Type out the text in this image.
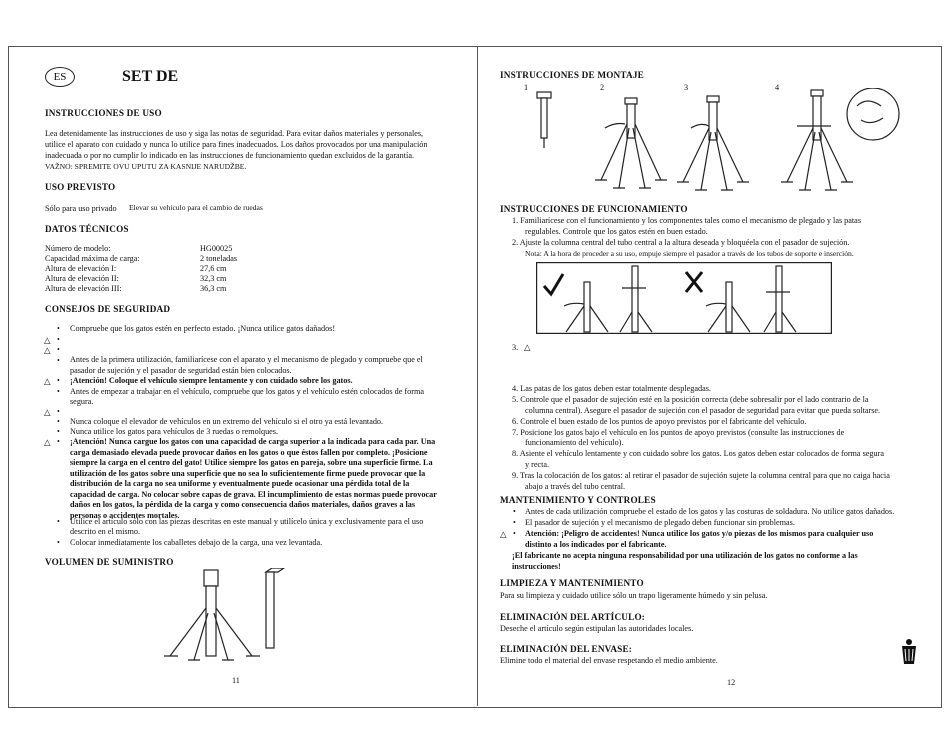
ES	SET DE
INSTRUCCIONES DE USO
Lea detenidamente las instrucciones de uso y siga las notas de seguridad. Para evitar daños materiales y personales,
utilice el aparato con cuidado y nunca lo utilice para fines inadecuados. Los daños provocados por una manipulación
inadecuada o por no cumplir lo indicado en las instrucciones de funcionamiento quedan excluidos de la garantía.
VAŽNO: SPREMITE OVU UPUTU ZA KASNIJE NARUDŽBE.
USO PREVISTO
Sólo para uso privado Elevar su vehículo para el cambio de ruedas
DATOS TÉCNICOS
Número de modelo:	HG00025
Capacidad máxima de carga:	2 toneladas
Altura de elevación I:	27,6 cm
Altura de elevación II:	32,3 cm
Altura de elevación III:	36,3 cm
CONSEJOS DE SEGURIDAD
• Compruebe que los gatos estén en perfecto estado. ¡Nunca utilice gatos dañados!
△ •
△ •
• Antes de la primera utilización, familiarícese con el aparato y el mecanismo de plegado y compruebe que el
pasador de sujeción y el pasador de seguridad están bien colocados.
△ • ¡Atención! Coloque el vehículo siempre lentamente y con cuidado sobre los gatos.
• Antes de empezar a trabajar en el vehículo, compruebe que los gatos y el vehículo estén colocados de forma
segura.
△ •
• Nunca coloque el elevador de vehículos en un extremo del vehículo si el otro ya está levantado.
• Nunca utilice los gatos para vehículos de 3 ruedas o remolques.
△ • ¡Atención! Nunca cargue los gatos con una capacidad de carga superior a la indicada para cada par. Una
carga demasiado elevada puede provocar daños en los gatos o que éstos fallen por completo. ¡Posicione
siempre la carga en el centro del gato! Utilice siempre los gatos en pareja, sobre una superficie firme. La
utilización de los gatos sobre una superficie que no sea lo suficientemente firme puede provocar que la
distribución de la carga no sea uniforme y eventualmente puede ocasionar una pérdida total de la
capacidad de carga. No colocar sobre capas de grava. El incumplimiento de estas normas puede provocar
daños en los gatos, la pérdida de la carga y como consecuencia daños materiales, daños graves a las
personas o accidentes mortales.
• Utilice el artículo sólo con las piezas descritas en este manual y utilícelo única y exclusivamente para el uso
descrito en el mismo.
• Colocar inmediatamente los caballetes debajo de la carga, una vez levantada.
VOLUMEN DE SUMINISTRO
11
INSTRUCCIONES DE MONTAJE
1	2	3	4
INSTRUCCIONES DE FUNCIONAMIENTO
1. Familiarícese con el funcionamiento y los componentes tales como el mecanismo de plegado y las patas
regulables. Controle que los gatos estén en buen estado.
2. Ajuste la columna central del tubo central a la altura deseada y bloquéela con el pasador de sujeción.
Nota: A la hora de proceder a su uso, empuje siempre el pasador a través de los tubos de soporte e inserción.
3. △
4. Las patas de los gatos deben estar totalmente desplegadas.
5. Controle que el pasador de sujeción esté en la posición correcta (debe sobresalir por el lado contrario de la
columna central). Asegure el pasador de sujeción con el pasador de seguridad para evitar que pueda soltarse.
6. Controle el buen estado de los puntos de apoyo previstos por el fabricante del vehículo.
7. Posicione los gatos bajo el vehículo en los puntos de apoyo previstos (consulte las instrucciones de
funcionamiento del vehículo).
8. Asiente el vehículo lentamente y con cuidado sobre los gatos. Los gatos deben estar colocados de forma segura
y recta.
9. Tras la colocación de los gatos: al retirar el pasador de sujeción sujete la columna central para que no caiga hacia
abajo a través del tubo central.
MANTENIMIENTO Y CONTROLES
• Antes de cada utilización compruebe el estado de los gatos y las costuras de soldadura. No utilice gatos dañados.
• El pasador de sujeción y el mecanismo de plegado deben funcionar sin problemas.
△ • Atención: ¡Peligro de accidentes! Nunca utilice los gatos y/o piezas de los mismos para cualquier uso
distinto a los indicados por el fabricante.
¡El fabricante no acepta ninguna responsabilidad por una utilización de los gatos no conforme a las
instrucciones!
LIMPIEZA Y MANTENIMIENTO
Para su limpieza y cuidado utilice sólo un trapo ligeramente húmedo y sin pelusa.
ELIMINACIÓN DEL ARTÍCULO:
Deseche el artículo según estipulan las autoridades locales.
ELIMINACIÓN DEL ENVASE:
Elimine todo el material del envase respetando el medio ambiente.
12
